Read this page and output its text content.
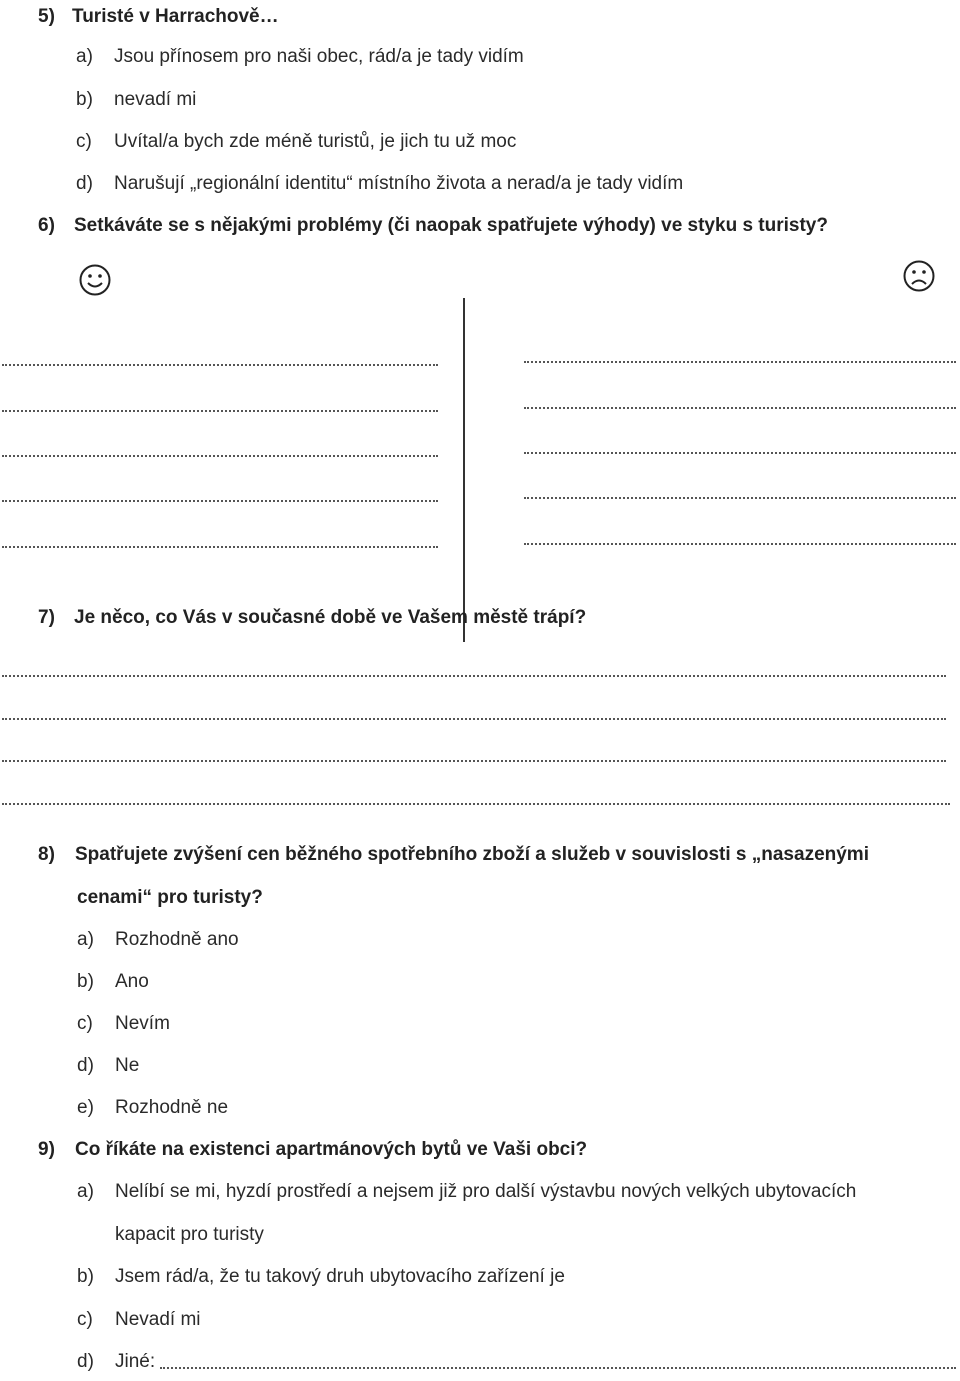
5) Turisté v Harrachově…
a) Jsou přínosem pro naši obec, rád/a je tady vidím
b) nevadí mi
c) Uvítal/a bych zde méně turistů, je jich tu už moc
d) Narušují „regionální identitu“ místního života a nerad/a je tady vidím
6) Setkáváte se s nějakými problémy (či naopak spatřujete výhody) ve styku s turisty?
7) Je něco, co Vás v současné době ve Vašem městě trápí?
8) Spatřujete zvýšení cen běžného spotřebního zboží a služeb v souvislosti s „nasazenými
cenami“ pro turisty?
a) Rozhodně ano
b) Ano
c) Nevím
d) Ne
e) Rozhodně ne
9) Co říkáte na existenci apartmánových bytů ve Vaši obci?
a) Nelíbí se mi, hyzdí prostředí a nejsem již pro další výstavbu nových velkých ubytovacích
kapacit pro turisty
b) Jsem rád/a, že tu takový druh ubytovacího zařízení je
c) Nevadí mi
d) Jiné:
